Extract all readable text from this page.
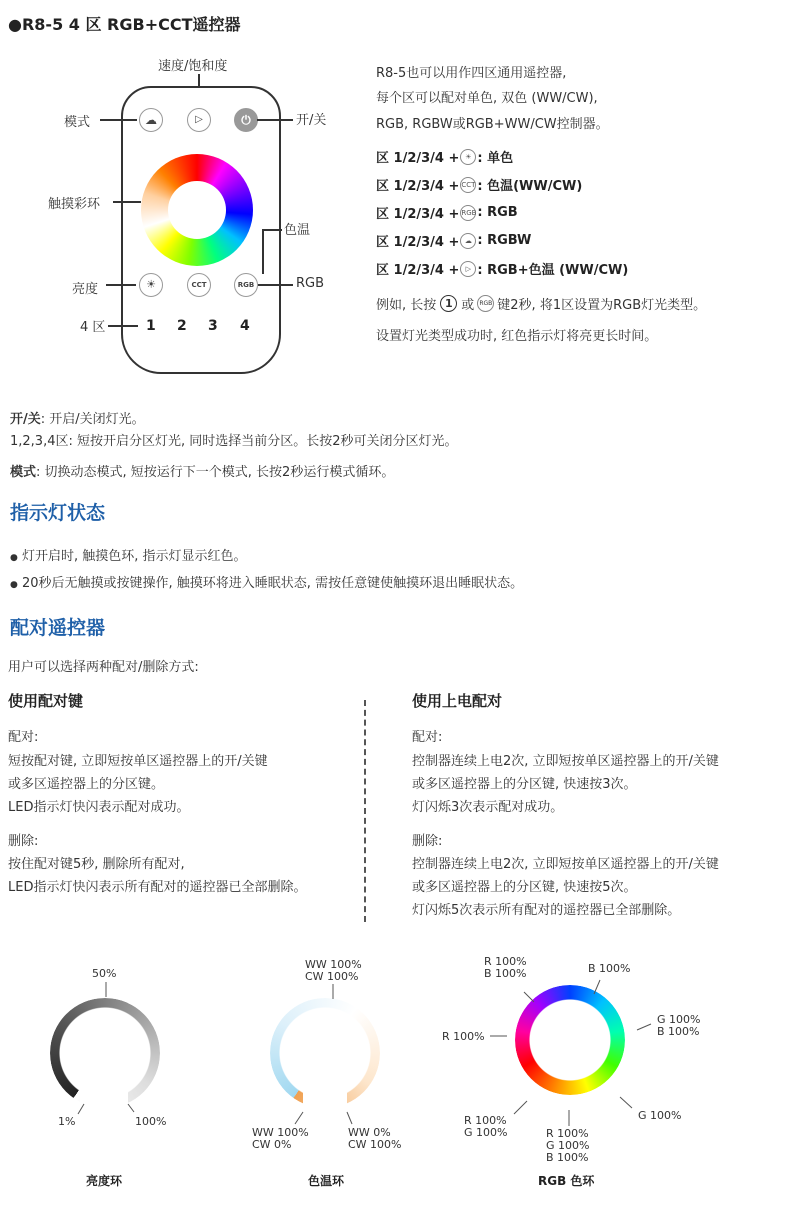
●R8-5 4 区 RGB+CCT遥控器
速度/饱和度
☁	▷	⏻
☀	CCT	RGB
1 2 3 4
模式	开/关
触摸彩环
色温
亮度	RGB
4 区
R8-5也可以用作四区通用遥控器,
每个区可以配对单色, 双色 (WW/CW),
RGB, RGBW或RGB+WW/CW控制器。
区 1/2/3/4 + ☀ : 单色
区 1/2/3/4 + CCT : 色温(WW/CW)
区 1/2/3/4 + RGB : RGB
区 1/2/3/4 + ☁ : RGBW
区 1/2/3/4 + ▷ : RGB+色温 (WW/CW)
例如, 长按 1 或 RGB 键2秒, 将1区设置为RGB灯光类型。
设置灯光类型成功时, 红色指示灯将亮更长时间。
开/关: 开启/关闭灯光。
1,2,3,4区: 短按开启分区灯光, 同时选择当前分区。长按2秒可关闭分区灯光。
模式: 切换动态模式, 短按运行下一个模式, 长按2秒运行模式循环。
指示灯状态
● 灯开启时, 触摸色环, 指示灯显示红色。
● 20秒后无触摸或按键操作, 触摸环将进入睡眠状态, 需按任意键使触摸环退出睡眠状态。
配对遥控器
用户可以选择两种配对/删除方式:
使用配对键
配对:
短按配对键, 立即短按单区遥控器上的开/关键
或多区遥控器上的分区键。
LED指示灯快闪表示配对成功。
删除:
按住配对键5秒, 删除所有配对,
LED指示灯快闪表示所有配对的遥控器已全部删除。
使用上电配对
配对:
控制器连续上电2次, 立即短按单区遥控器上的开/关键
或多区遥控器上的分区键, 快速按3次。
灯闪烁3次表示配对成功。
删除:
控制器连续上电2次, 立即短按单区遥控器上的开/关键
或多区遥控器上的分区键, 快速按5次。
灯闪烁5次表示所有配对的遥控器已全部删除。
50%
1%	100%
亮度环
WW 100%
CW 100%
WW 100%
CW 0%
WW 0%
CW 100%
色温环
R 100%
B 100%	B 100%
G 100%
B 100%
R 100%
G 100%
R 100%
G 100%	R 100%
G 100%
B 100%
RGB 色环
